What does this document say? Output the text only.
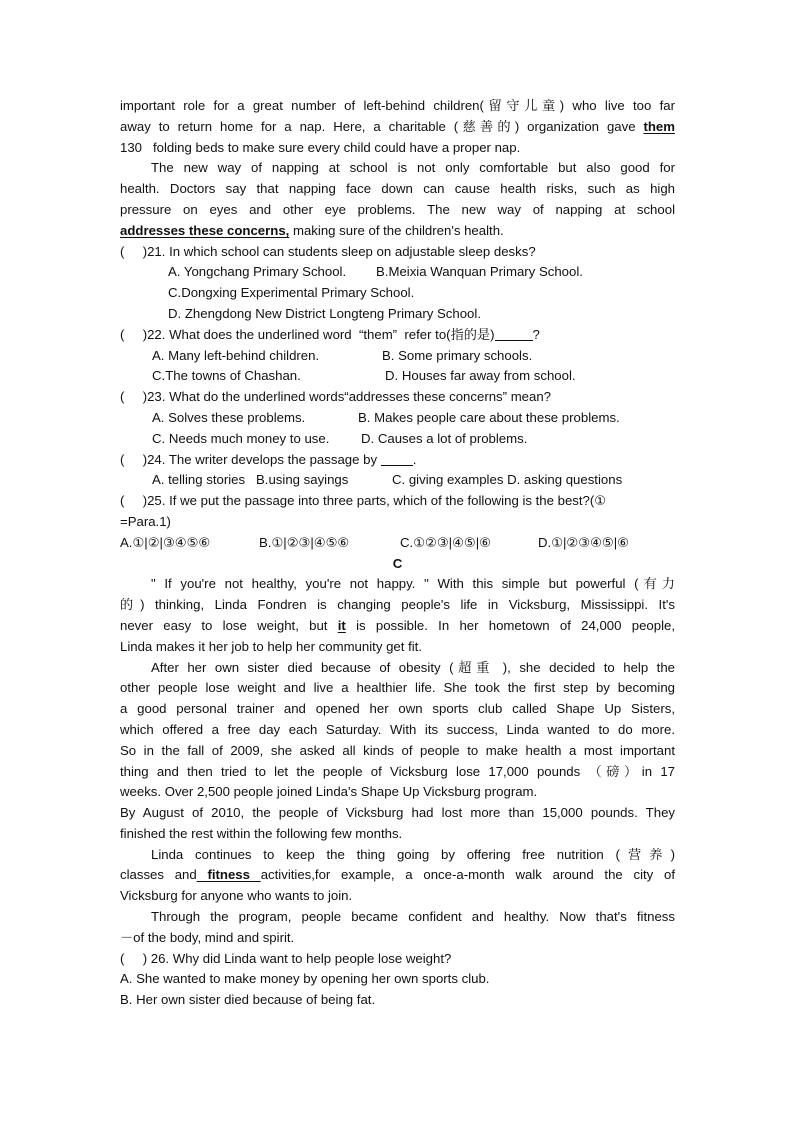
important role for a great number of left-behind children(留守儿童) who live too far

away to return home for a nap. Here, a charitable (慈善的) organization gave them

130   folding beds to make sure every child could have a proper nap.

The new way of napping at school is not only comfortable but also good for

health. Doctors say that napping face down can cause health risks, such as high

pressure on eyes and other eye problems. The new way of napping at school

addresses these concerns, making sure of the children's health.

(     )21. In which school can students sleep on adjustable sleep desks?

A. Yongchang Primary School.	B.Meixia Wanquan Primary School.

C.Dongxing Experimental Primary School.

D. Zhengdong New District Longteng Primary School.

(     )22. What does the underlined word  “them”  refer to(指的是)	?

A. Many left-behind children.	B. Some primary schools.

C.The towns of Chashan.	D. Houses far away from school.

(     )23. What do the underlined words“addresses these concerns” mean?

A. Solves these problems.	B. Makes people care about these problems.

C. Needs much money to use.	D. Causes a lot of problems.

(     )24. The writer develops the passage by .

A. telling stories B.using sayings	C. giving examples D. asking questions

(     )25. If we put the passage into three parts, which of the following is the best?(①

=Para.1)

A.①|②|③④⑤⑥	B.①|②③|④⑤⑥	C.①②③|④⑤|⑥	D.①|②③④⑤|⑥

C

" If you're not healthy, you're not happy. " With this simple but powerful (有力

的) thinking, Linda Fondren is changing people's life in Vicksburg, Mississippi. It's

never easy to lose weight, but it is possible. In her hometown of 24,000 people,

Linda makes it her job to help her community get fit.

After her own sister died because of obesity (超重 ), she decided to help the

other people lose weight and live a healthier life. She took the first step by becoming

a good personal trainer and opened her own sports club called Shape Up Sisters,

which offered a free day each Saturday. With its success, Linda wanted to do more.

So in the fall of 2009, she asked all kinds of people to make health a most important

thing and then tried to let the people of Vicksburg lose 17,000 pounds （磅）in 17

weeks. Over 2,500 people joined Linda's Shape Up Vicksburg program.

By August of 2010, the people of Vicksburg had lost more than 15,000 pounds. They

finished the rest within the following few months.

Linda continues to keep the thing going by offering free nutrition (营养)

classes and fitness activities,for example, a once-a-month walk around the city of

Vicksburg for anyone who wants to join.

Through the program, people became confident and healthy. Now that's fitness

－of the body, mind and spirit.

(     ) 26. Why did Linda want to help people lose weight?

A. She wanted to make money by opening her own sports club.

B. Her own sister died because of being fat.
